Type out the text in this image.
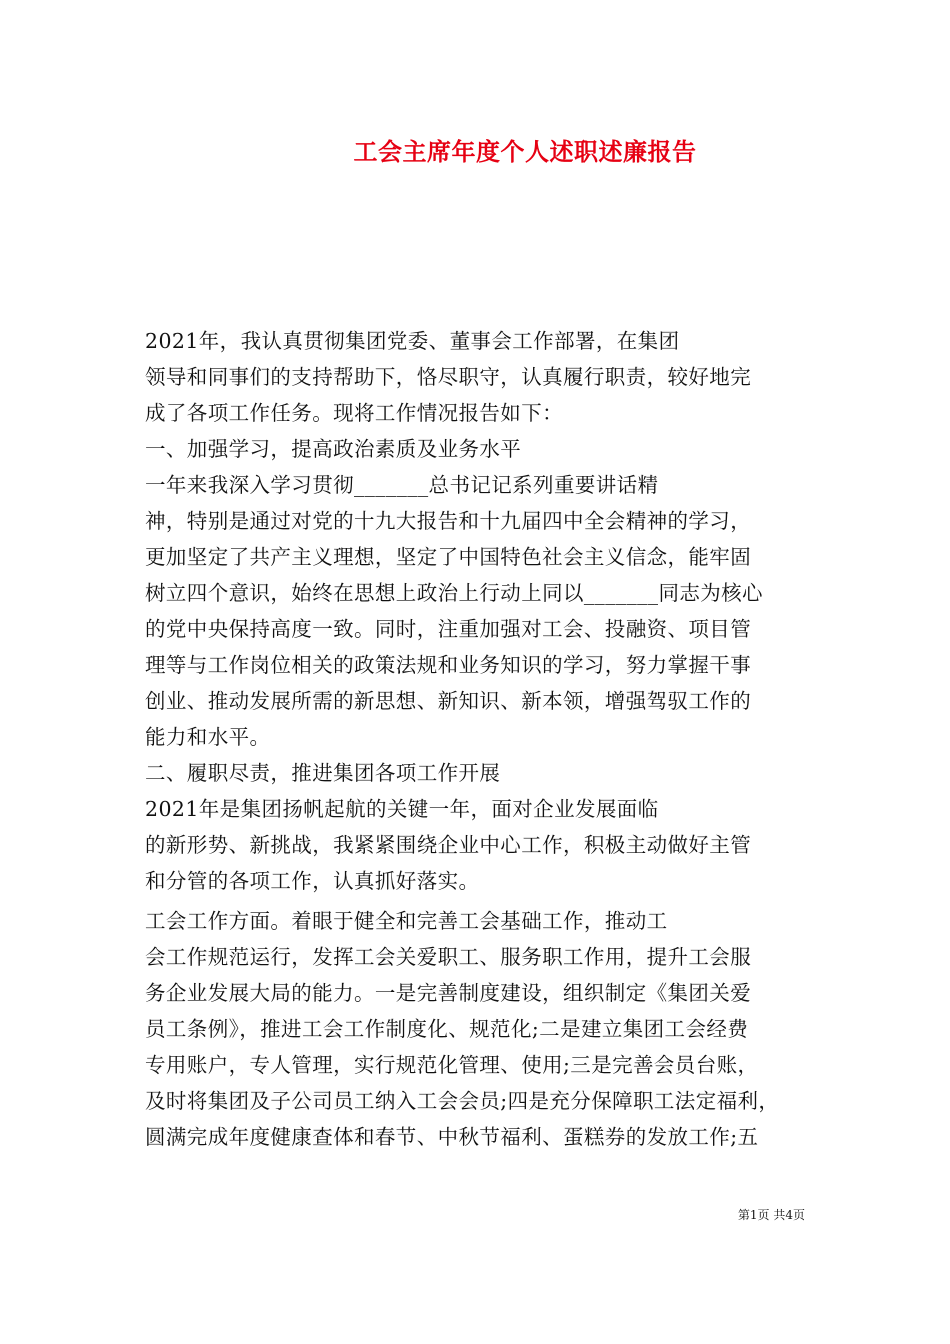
工会主席年度个人述职述廉报告
2021年，我认真贯彻集团党委、董事会工作部署，在集团
领导和同事们的支持帮助下，恪尽职守，认真履行职责，较好地完
成了各项工作任务。现将工作情况报告如下：
一、加强学习，提高政治素质及业务水平
一年来我深入学习贯彻_______总书记记系列重要讲话精
神，特别是通过对党的十九大报告和十九届四中全会精神的学习，
更加坚定了共产主义理想，坚定了中国特色社会主义信念，能牢固
树立四个意识，始终在思想上政治上行动上同以_______同志为核心
的党中央保持高度一致。同时，注重加强对工会、投融资、项目管
理等与工作岗位相关的政策法规和业务知识的学习，努力掌握干事
创业、推动发展所需的新思想、新知识、新本领，增强驾驭工作的
能力和水平。
二、履职尽责，推进集团各项工作开展
2021年是集团扬帆起航的关键一年，面对企业发展面临
的新形势、新挑战，我紧紧围绕企业中心工作，积极主动做好主管
和分管的各项工作，认真抓好落实。
工会工作方面。着眼于健全和完善工会基础工作，推动工
会工作规范运行，发挥工会关爱职工、服务职工作用，提升工会服
务企业发展大局的能力。一是完善制度建设，组织制定《集团关爱
员工条例》，推进工会工作制度化、规范化;二是建立集团工会经费
专用账户，专人管理，实行规范化管理、使用;三是完善会员台账，
及时将集团及子公司员工纳入工会会员;四是充分保障职工法定福利，
圆满完成年度健康查体和春节、中秋节福利、蛋糕券的发放工作;五
第1页 共4页
